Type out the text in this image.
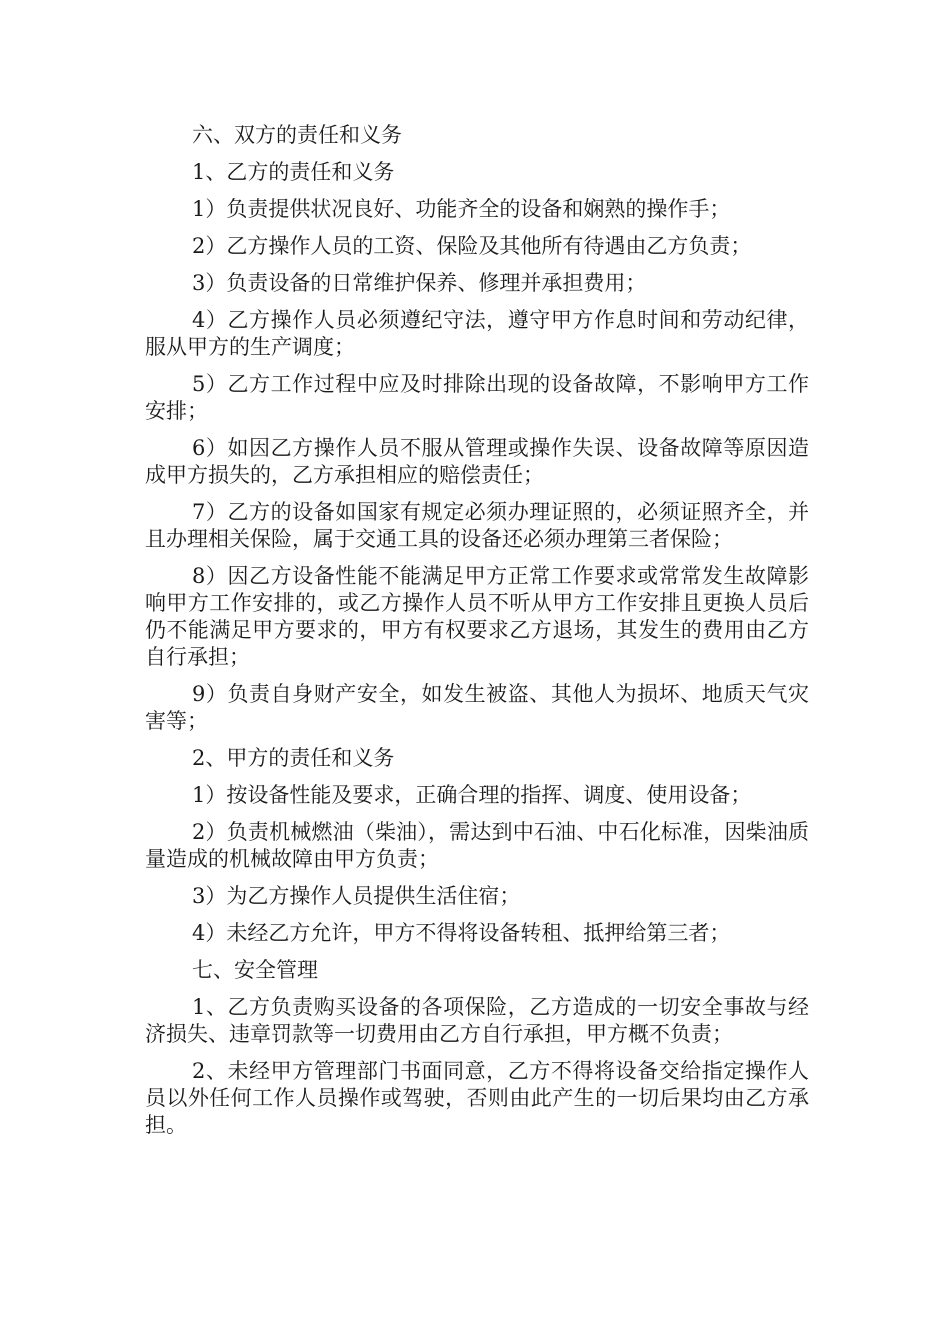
六、双方的责任和义务

1、乙方的责任和义务

1）负责提供状况良好、功能齐全的设备和娴熟的操作手；

2）乙方操作人员的工资、保险及其他所有待遇由乙方负责；

3）负责设备的日常维护保养、修理并承担费用；

4）乙方操作人员必须遵纪守法，遵守甲方作息时间和劳动纪律，服从甲方的生产调度；

5）乙方工作过程中应及时排除出现的设备故障，不影响甲方工作安排；

6）如因乙方操作人员不服从管理或操作失误、设备故障等原因造成甲方损失的，乙方承担相应的赔偿责任；

7）乙方的设备如国家有规定必须办理证照的，必须证照齐全，并且办理相关保险，属于交通工具的设备还必须办理第三者保险；

8）因乙方设备性能不能满足甲方正常工作要求或常常发生故障影响甲方工作安排的，或乙方操作人员不听从甲方工作安排且更换人员后仍不能满足甲方要求的，甲方有权要求乙方退场，其发生的费用由乙方自行承担；

9）负责自身财产安全，如发生被盗、其他人为损坏、地质天气灾害等；

2、甲方的责任和义务

1）按设备性能及要求，正确合理的指挥、调度、使用设备；

2）负责机械燃油（柴油），需达到中石油、中石化标准，因柴油质量造成的机械故障由甲方负责；

3）为乙方操作人员提供生活住宿；

4）未经乙方允许，甲方不得将设备转租、抵押给第三者；

七、安全管理

1、乙方负责购买设备的各项保险，乙方造成的一切安全事故与经济损失、违章罚款等一切费用由乙方自行承担，甲方概不负责；

2、未经甲方管理部门书面同意，乙方不得将设备交给指定操作人员以外任何工作人员操作或驾驶，否则由此产生的一切后果均由乙方承担。
